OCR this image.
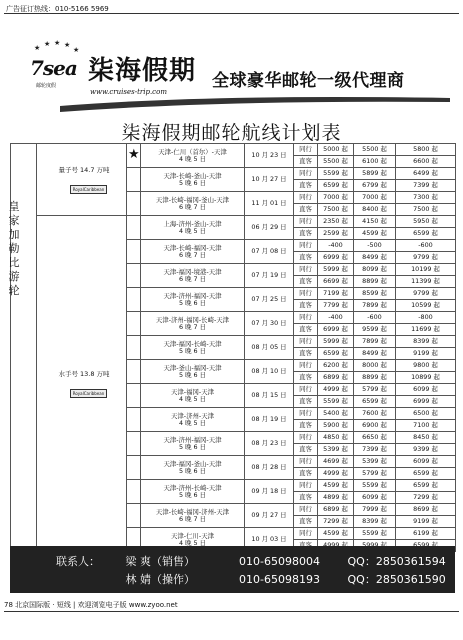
广告征订热线：010-5166 5969
★ ★ ★ ★
★
7sea
邮轮度假 柒海假期
www.cruises-trip.com
全球豪华邮轮一级代理商
柒海假期邮轮航线计划表
皇家加勒比游轮
量子号 14.7 万吨

RoyalCaribbean	★	天津-仁川（首尔）-天津
4 晚 5 日	10 月 23 日	同行	5000 起	5500 起	5800 起
				直客	5500 起	6100 起	6600 起

		天津-长崎-釜山-天津
5 晚 6 日	10 月 27 日	同行	5599 起	5899 起	6499 起
				直客	6599 起	6799 起	7399 起

		天津-长崎-福冈-釜山-天津
6 晚 7 日	11 月 01 日	同行	7000 起	7000 起	7300 起
				直客	7500 起	8400 起	7500 起

水手号 13.8 万吨

RoyalCaribbean		上海-济州-釜山-天津
4 晚 5 日	06 月 29 日	同行	2350 起	4150 起	5950 起
				直客	2599 起	4599 起	6599 起

		天津-长崎-福冈-天津
6 晚 7 日	07 月 08 日	同行	-400	-500	-600
				直客	6999 起	8499 起	9799 起

		天津-福冈-境港-天津
6 晚 7 日	07 月 19 日	同行	5999 起	8099 起	10199 起
				直客	6699 起	8899 起	11399 起

		天津-济州-福冈-天津
5 晚 6 日	07 月 25 日	同行	7199 起	8599 起	9799 起
				直客	7799 起	7899 起	10599 起

		天津-济州-福冈-长崎-天津
6 晚 7 日	07 月 30 日	同行	-400	-600	-800
				直客	6999 起	9599 起	11699 起

		天津-福冈-长崎-天津
5 晚 6 日	08 月 05 日	同行	5999 起	7899 起	8399 起
				直客	6599 起	8499 起	9199 起

		天津-釜山-福冈-天津
5 晚 6 日	08 月 10 日	同行	6200 起	8000 起	9800 起
				直客	6899 起	8899 起	10899 起

		天津-福冈-天津
4 晚 5 日	08 月 15 日	同行	4999 起	5799 起	6099 起
				直客	5599 起	6599 起	6999 起

		天津-济州-天津
4 晚 5 日	08 月 19 日	同行	5400 起	7600 起	6500 起
				直客	5900 起	6900 起	7100 起

		天津-济州-福冈-天津
5 晚 6 日	08 月 23 日	同行	4850 起	6650 起	8450 起
				直客	5399 起	7399 起	9399 起

		天津-福冈-釜山-天津
5 晚 6 日	08 月 28 日	同行	4699 起	5399 起	6099 起
				直客	4999 起	5799 起	6599 起

		天津-济州-长崎-天津
5 晚 6 日	09 月 18 日	同行	4599 起	5599 起	6599 起
				直客	4899 起	6099 起	7299 起

		天津-长崎-福冈-济州-天津
6 晚 7 日	09 月 27 日	同行	6899 起	7999 起	8699 起
				直客	7299 起	8399 起	9199 起

		天津-仁川-天津
4 晚 5 日	10 月 03 日	同行	4599 起	5599 起	6199 起

联系人： 梁 爽（销售）	010-65098004	QQ：2850361594
林 婧（操作）	010-65098193	QQ：2850361590
78 北京国际版 · 短线 | 欢迎浏览电子版 www.zyoo.net
